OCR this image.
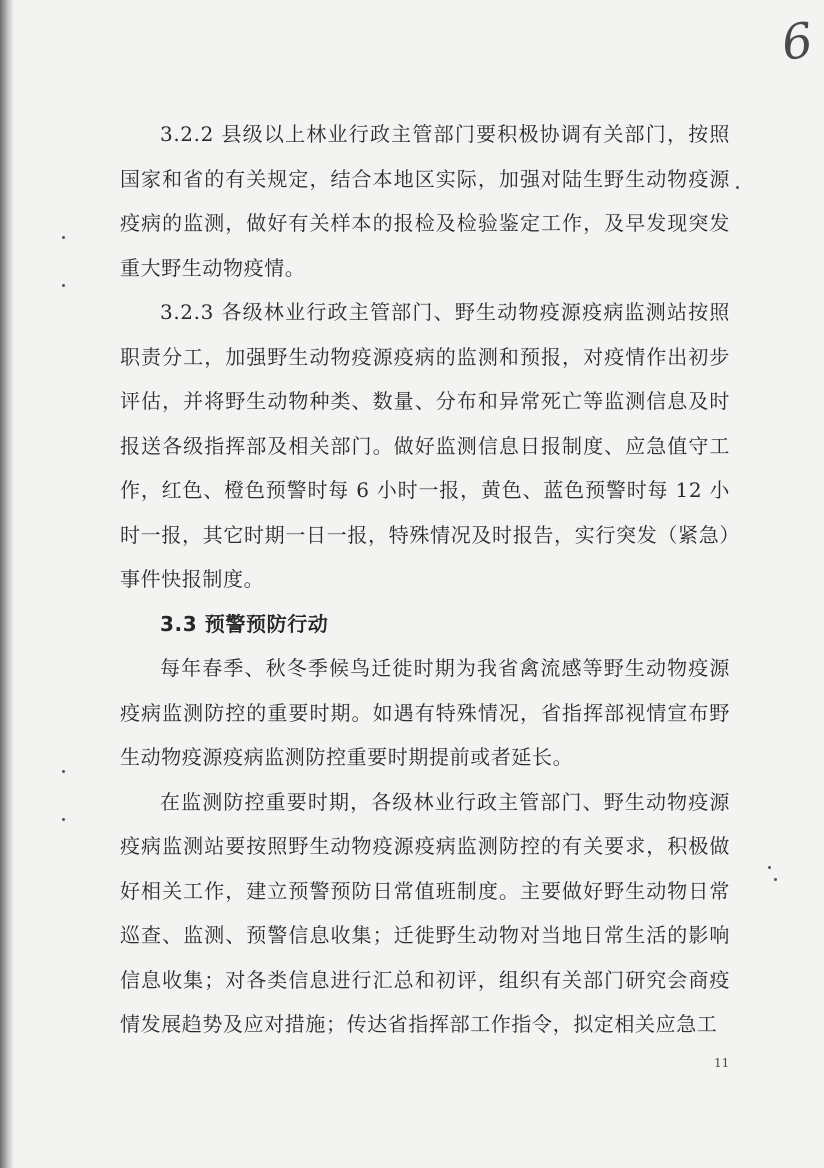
6

3.2.2 县级以上林业行政主管部门要积极协调有关部门，按照国家和省的有关规定，结合本地区实际，加强对陆生野生动物疫源疫病的监测，做好有关样本的报检及检验鉴定工作，及早发现突发重大野生动物疫情。

3.2.3 各级林业行政主管部门、野生动物疫源疫病监测站按照职责分工，加强野生动物疫源疫病的监测和预报，对疫情作出初步评估，并将野生动物种类、数量、分布和异常死亡等监测信息及时报送各级指挥部及相关部门。做好监测信息日报制度、应急值守工作，红色、橙色预警时每 6 小时一报，黄色、蓝色预警时每 12 小时一报，其它时期一日一报，特殊情况及时报告，实行突发（紧急）事件快报制度。

3.3 预警预防行动

每年春季、秋冬季候鸟迁徙时期为我省禽流感等野生动物疫源疫病监测防控的重要时期。如遇有特殊情况，省指挥部视情宣布野生动物疫源疫病监测防控重要时期提前或者延长。

在监测防控重要时期，各级林业行政主管部门、野生动物疫源疫病监测站要按照野生动物疫源疫病监测防控的有关要求，积极做好相关工作，建立预警预防日常值班制度。主要做好野生动物日常巡查、监测、预警信息收集；迁徙野生动物对当地日常生活的影响信息收集；对各类信息进行汇总和初评，组织有关部门研究会商疫情发展趋势及应对措施；传达省指挥部工作指令，拟定相关应急工

11
